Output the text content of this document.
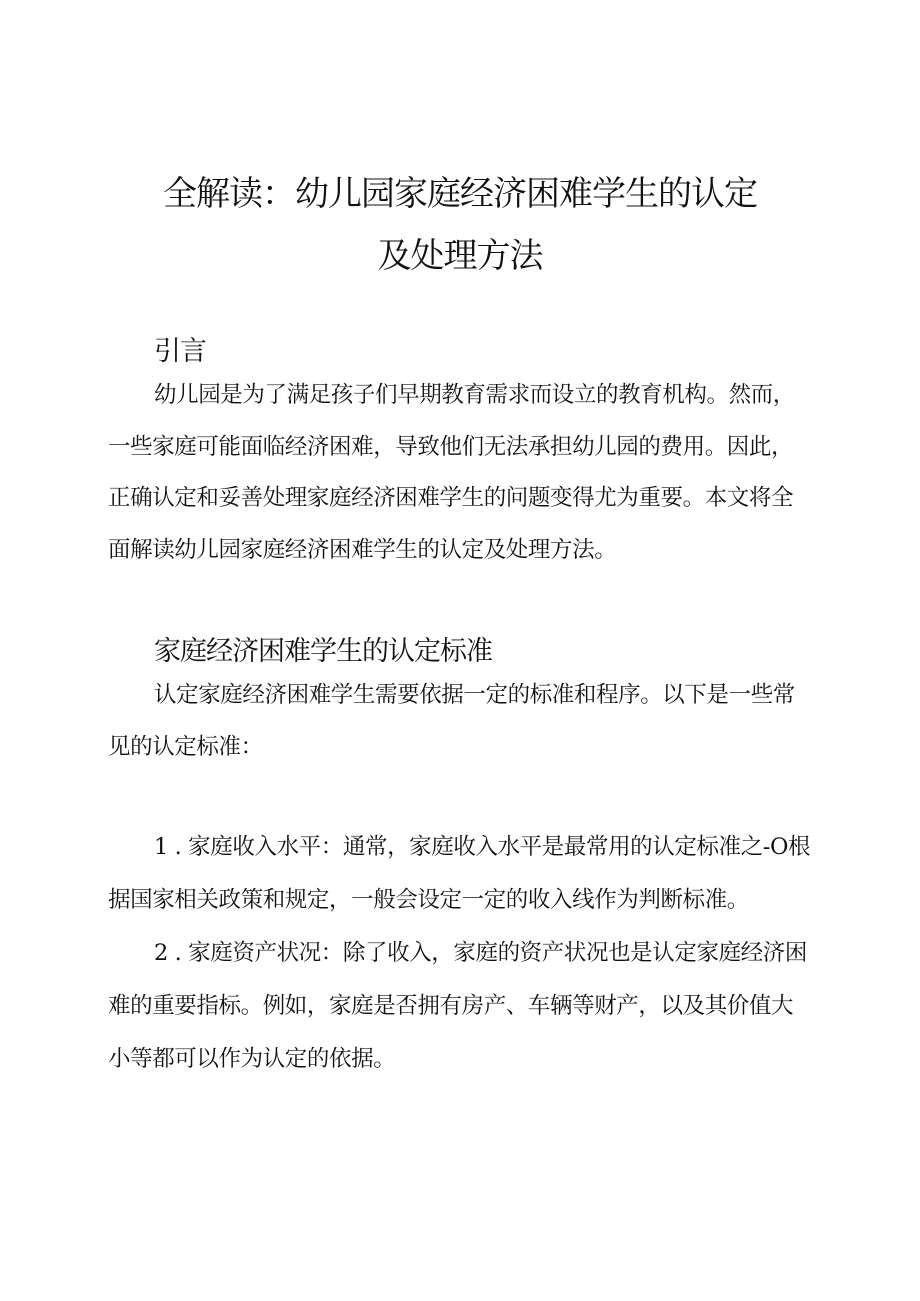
全解读：幼儿园家庭经济困难学生的认定
及处理方法
引言

幼儿园是为了满足孩子们早期教育需求而设立的教育机构。然而，一些家庭可能面临经济困难，导致他们无法承担幼儿园的费用。因此，正确认定和妥善处理家庭经济困难学生的问题变得尤为重要。本文将全面解读幼儿园家庭经济困难学生的认定及处理方法。

家庭经济困难学生的认定标准

认定家庭经济困难学生需要依据一定的标准和程序。以下是一些常见的认定标准：

1 . 家庭收入水平：通常，家庭收入水平是最常用的认定标准之-O根据国家相关政策和规定，一般会设定一定的收入线作为判断标准。

2 . 家庭资产状况：除了收入，家庭的资产状况也是认定家庭经济困难的重要指标。例如，家庭是否拥有房产、车辆等财产，以及其价值大小等都可以作为认定的依据。
